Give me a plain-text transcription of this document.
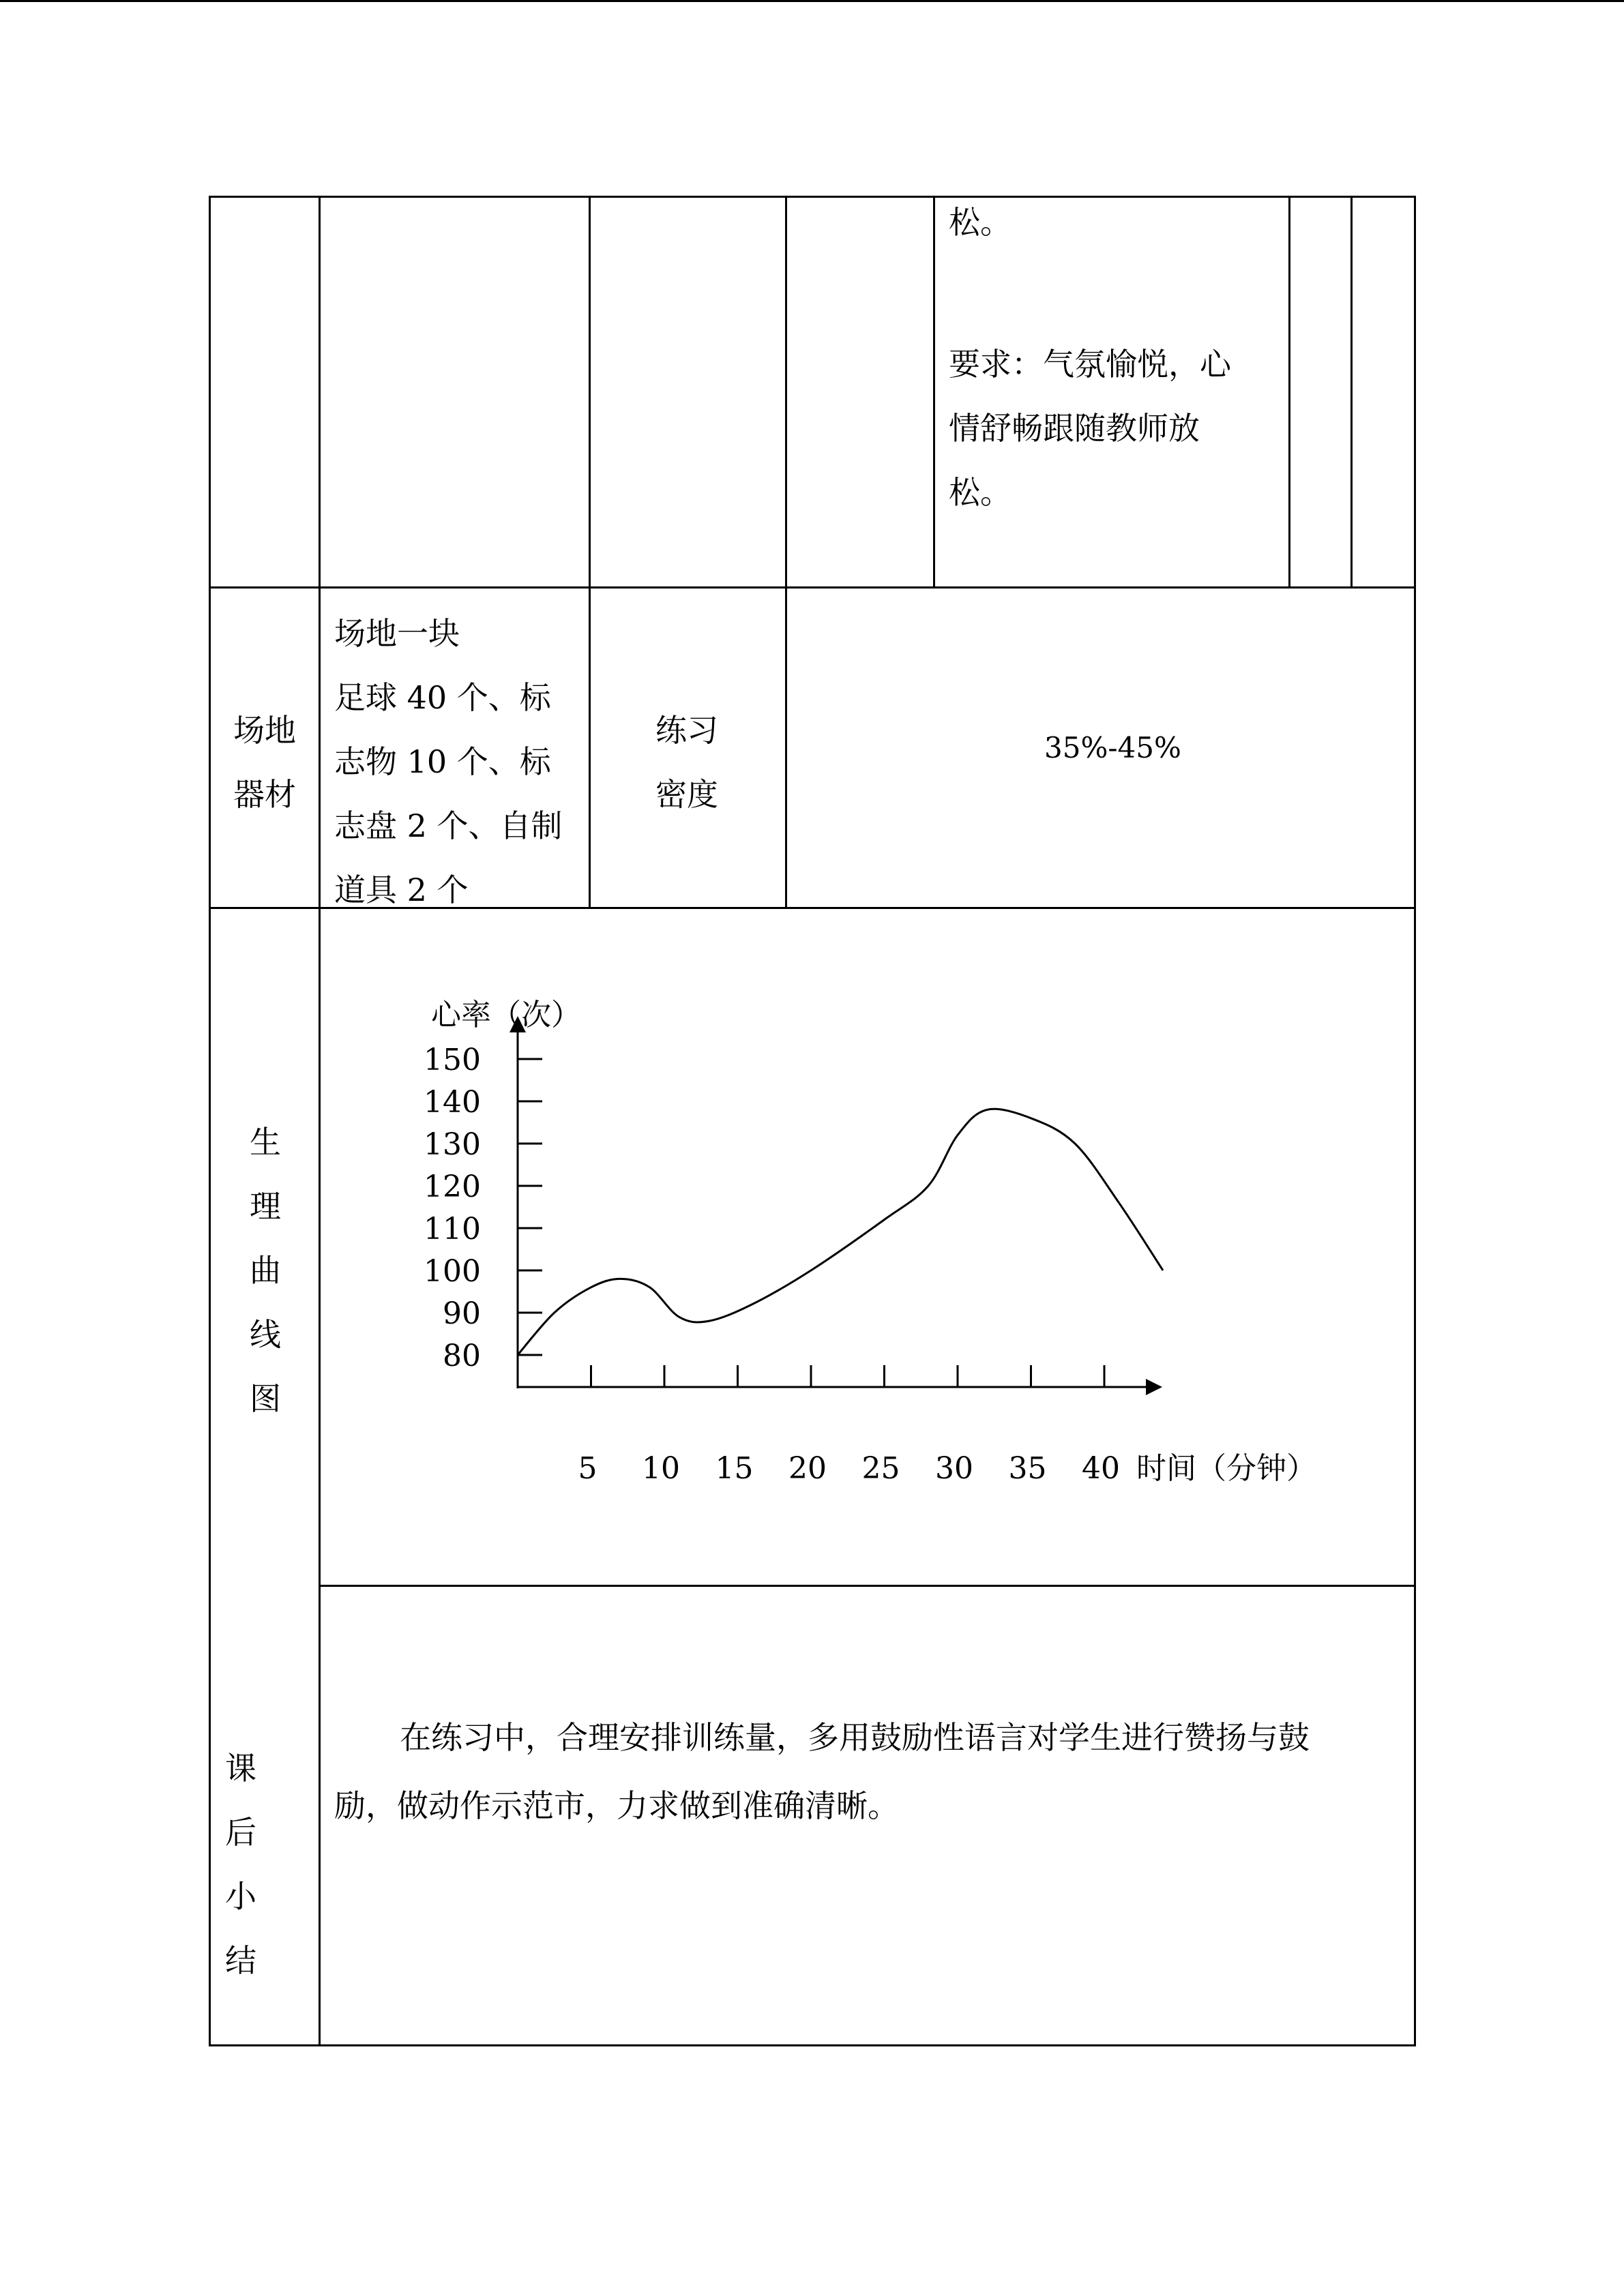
松。
要求：气氛愉悦，心
情舒畅跟随教师放
松。
场地
器材
场地一块
足球 40 个、标
志物 10 个、标
志盘 2 个、自制
道具 2 个
练习
密度
35%-45%
生
理
曲
线
图
150
140
130
120
110
100
90
80
5 10 15 20 25 30 35 40
心率（次）
时间（分钟）
课
后
小
结
在练习中，合理安排训练量，多用鼓励性语言对学生进行赞扬与鼓
励，做动作示范市，力求做到准确清晰。
